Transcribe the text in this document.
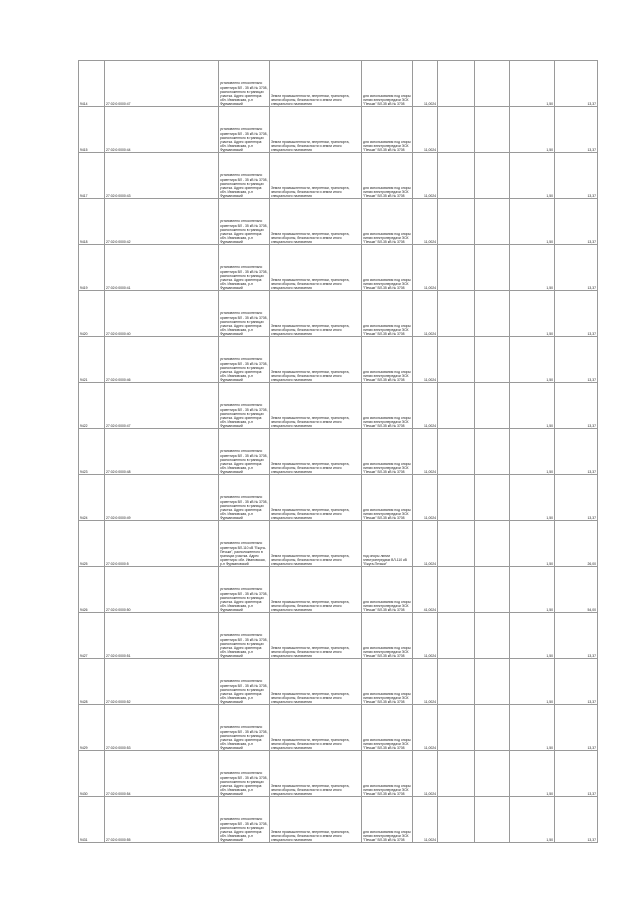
9414	27:02:0:0000:47	установлено относительно ориентира ВЛ - 35 кВ № 3708, расположенного в границах участка. Адрес ориентира: обл. Ивановская, р-н Фурмановский	Земли промышленности, энергетики, транспорта, земли обороны, безопасности и земли иного специального назначения	для использования под опоры линии электропередачи ЭСК "Печьки" ВЛ-35 кВ № 3708	11,0024			1,50	13,37
9415	27:02:0:0000:44	установлено относительно ориентира ВЛ - 35 кВ № 3708, расположенного в границах участка. Адрес ориентира: обл. Ивановская, р-н Фурмановский	Земли промышленности, энергетики, транспорта, земли обороны, безопасности и земли иного специального назначения	для использования под опоры линии электропередачи ЭСК "Печьки" ВЛ-35 кВ № 3708	11,0024			1,50	13,37
9417	27:02:0:0000:43	установлено относительно ориентира ВЛ - 35 кВ № 3708, расположенного в границах участка. Адрес ориентира: обл. Ивановская, р-н Фурмановский	Земли промышленности, энергетики, транспорта, земли обороны, безопасности и земли иного специального назначения	для использования под опоры линии электропередачи ЭСК "Печьки" ВЛ-35 кВ № 3708	11,0024			1,50	13,37
9418	27:02:0:0000:42	установлено относительно ориентира ВЛ - 35 кВ № 3708, расположенного в границах участка. Адрес ориентира: обл. Ивановская, р-н Фурмановский	Земли промышленности, энергетики, транспорта, земли обороны, безопасности и земли иного специального назначения	для использования под опоры линии электропередачи ЭСК "Печьки" ВЛ-35 кВ № 3708	11,0024			1,50	13,37
9419	27:02:0:0000:41	установлено относительно ориентира ВЛ - 35 кВ № 3708, расположенного в границах участка. Адрес ориентира: обл. Ивановская, р-н Фурмановский	Земли промышленности, энергетики, транспорта, земли обороны, безопасности и земли иного специального назначения	для использования под опоры линии электропередачи ЭСК "Печьки" ВЛ-35 кВ № 3708	11,0024			1,50	13,37
9420	27:02:0:0000:40	установлено относительно ориентира ВЛ - 35 кВ № 3708, расположенного в границах участка. Адрес ориентира: обл. Ивановская, р-н Фурмановский	Земли промышленности, энергетики, транспорта, земли обороны, безопасности и земли иного специального назначения	для использования под опоры линии электропередачи ЭСК "Печьки" ВЛ-35 кВ № 3708	11,0024			1,50	13,37
9421	27:02:0:0000:46	установлено относительно ориентира ВЛ - 35 кВ № 3708, расположенного в границах участка. Адрес ориентира: обл. Ивановская, р-н Фурмановский	Земли промышленности, энергетики, транспорта, земли обороны, безопасности и земли иного специального назначения	для использования под опоры линии электропередачи ЭСК "Печьки" ВЛ-35 кВ № 3708	11,0024			1,50	13,37
9422	27:02:0:0000:47	установлено относительно ориентира ВЛ - 35 кВ № 3708, расположенного в границах участка. Адрес ориентира: обл. Ивановская, р-н Фурмановский	Земли промышленности, энергетики, транспорта, земли обороны, безопасности и земли иного специального назначения	для использования под опоры линии электропередачи ЭСК "Печьки" ВЛ-35 кВ № 3708	11,0024			1,50	13,37
9423	27:02:0:0000:48	установлено относительно ориентира ВЛ - 35 кВ № 3708, расположенного в границах участка. Адрес ориентира: обл. Ивановская, р-н Фурмановский	Земли промышленности, энергетики, транспорта, земли обороны, безопасности и земли иного специального назначения	для использования под опоры линии электропередачи ЭСК "Печьки" ВЛ-35 кВ № 3708	11,0024			1,50	13,37
9424	27:02:0:0000:49	установлено относительно ориентира ВЛ - 35 кВ № 3708, расположенного в границах участка. Адрес ориентира: обл. Ивановская, р-н Фурмановский	Земли промышленности, энергетики, транспорта, земли обороны, безопасности и земли иного специального назначения	для использования под опоры линии электропередачи ЭСК "Печьки" ВЛ-35 кВ № 3708	11,0024			1,50	13,37
9425	27:02:0:0000:5	установлено относительно ориентира ВЛ-110 кВ "Ежуга-Печьки", расположенного в границах участка. Адрес ориентира: обл. Ивановская, р-н Фурмановский	Земли промышленности, энергетики, транспорта, земли обороны, безопасности и земли иного специального назначения	под опоры линии электропередачи ВЛ-110 кВ "Ежуга-Печьки"	11,0024			1,50	26,00
9426	27:02:0:0000:50	установлено относительно ориентира ВЛ - 35 кВ № 3708, расположенного в границах участка. Адрес ориентира: обл. Ивановская, р-н Фурмановский	Земли промышленности, энергетики, транспорта, земли обороны, безопасности и земли иного специального назначения	для использования под опоры линии электропередачи ЭСК "Печьки" ВЛ-35 кВ № 3708	41,0024			1,50	54,00
9427	27:02:0:0000:51	установлено относительно ориентира ВЛ - 35 кВ № 3708, расположенного в границах участка. Адрес ориентира: обл. Ивановская, р-н Фурмановский	Земли промышленности, энергетики, транспорта, земли обороны, безопасности и земли иного специального назначения	для использования под опоры линии электропередачи ЭСК "Печьки" ВЛ-35 кВ № 3708	11,0024			1,50	13,37
9428	27:02:0:0000:52	установлено относительно ориентира ВЛ - 35 кВ № 3708, расположенного в границах участка. Адрес ориентира: обл. Ивановская, р-н Фурмановский	Земли промышленности, энергетики, транспорта, земли обороны, безопасности и земли иного специального назначения	для использования под опоры линии электропередачи ЭСК "Печьки" ВЛ-35 кВ № 3708	11,0024			1,50	13,37
9429	27:02:0:0000:53	установлено относительно ориентира ВЛ - 35 кВ № 3708, расположенного в границах участка. Адрес ориентира: обл. Ивановская, р-н Фурмановский	Земли промышленности, энергетики, транспорта, земли обороны, безопасности и земли иного специального назначения	для использования под опоры линии электропередачи ЭСК "Печьки" ВЛ-35 кВ № 3708	11,0024			1,50	13,37
9430	27:02:0:0000:54	установлено относительно ориентира ВЛ - 35 кВ № 3708, расположенного в границах участка. Адрес ориентира: обл. Ивановская, р-н Фурмановский	Земли промышленности, энергетики, транспорта, земли обороны, безопасности и земли иного специального назначения	для использования под опоры линии электропередачи ЭСК "Печьки" ВЛ-35 кВ № 3708	11,0024			1,50	13,37
9431	27:02:0:0000:55	установлено относительно ориентира ВЛ - 35 кВ № 3708, расположенного в границах участка. Адрес ориентира: обл. Ивановская, р-н Фурмановский	Земли промышленности, энергетики, транспорта, земли обороны, безопасности и земли иного специального назначения	для использования под опоры линии электропередачи ЭСК "Печьки" ВЛ-35 кВ № 3708	11,0024			1,50	13,37
